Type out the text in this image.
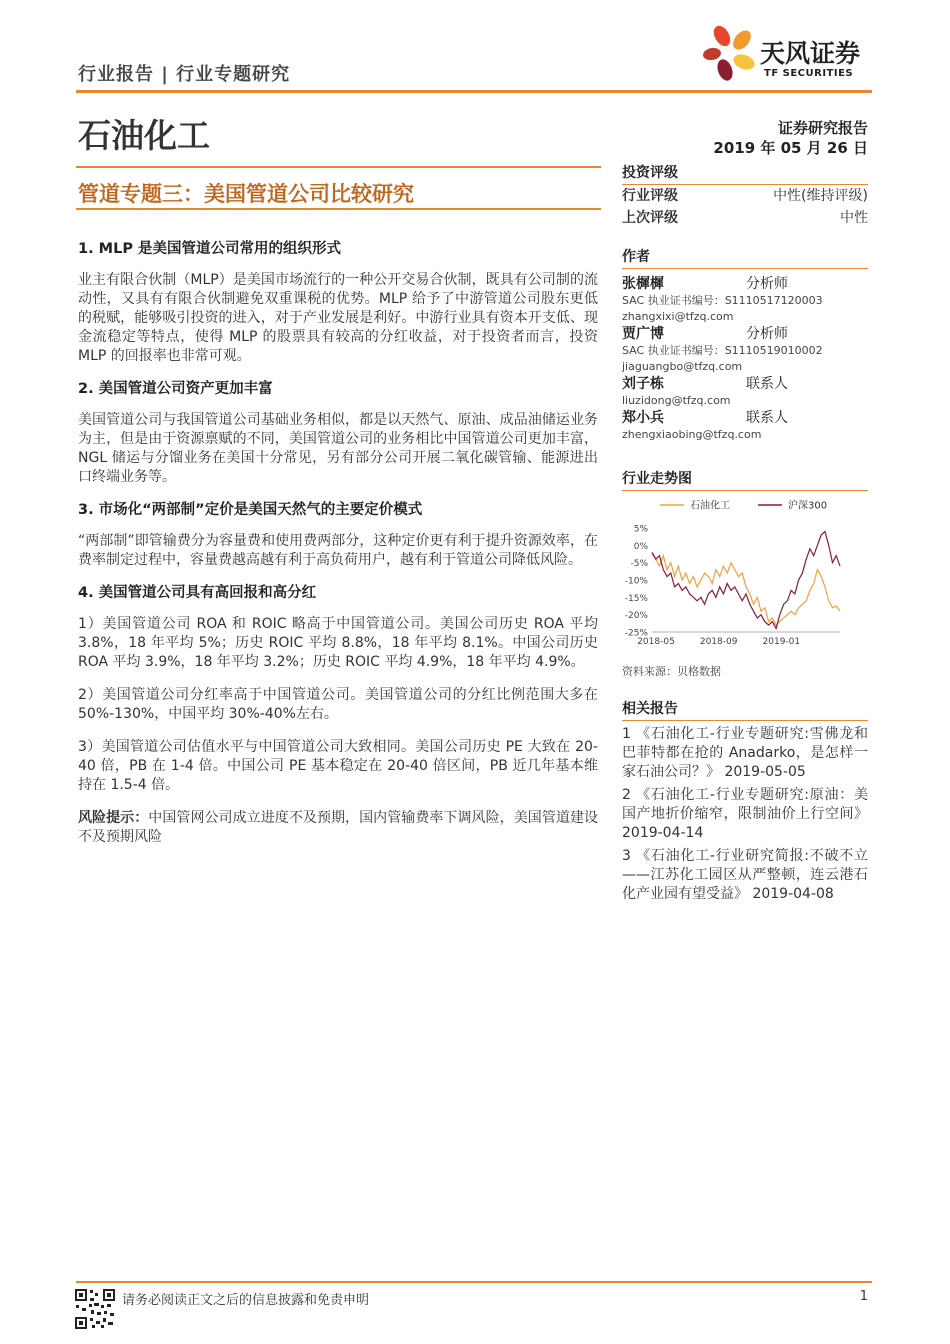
行业报告 | 行业专题研究
天风证券
TF SECURITIES
石油化工	证券研究报告
2019 年 05 月 26 日
管道专题三：美国管道公司比较研究
1. MLP 是美国管道公司常用的组织形式

业主有限合伙制（MLP）是美国市场流行的一种公开交易合伙制，既具有公司制的流动性，又具有有限合伙制避免双重课税的优势。MLP 给予了中游管道公司股东更低的税赋，能够吸引投资的进入，对于产业发展是利好。中游行业具有资本开支低、现金流稳定等特点，使得 MLP 的股票具有较高的分红收益，对于投资者而言，投资 MLP 的回报率也非常可观。

2. 美国管道公司资产更加丰富

美国管道公司与我国管道公司基础业务相似，都是以天然气、原油、成品油储运业务为主，但是由于资源禀赋的不同，美国管道公司的业务相比中国管道公司更加丰富，NGL 储运与分馏业务在美国十分常见，另有部分公司开展二氧化碳管输、能源进出口终端业务等。

3. 市场化“两部制”定价是美国天然气的主要定价模式

“两部制”即管输费分为容量费和使用费两部分，这种定价更有利于提升资源效率，在费率制定过程中，容量费越高越有利于高负荷用户，越有利于管道公司降低风险。

4. 美国管道公司具有高回报和高分红

1）美国管道公司 ROA 和 ROIC 略高于中国管道公司。美国公司历史 ROA 平均 3.8%，18 年平均 5%；历史 ROIC 平均 8.8%，18 年平均 8.1%。中国公司历史 ROA 平均 3.9%，18 年平均 3.2%；历史 ROIC 平均 4.9%，18 年平均 4.9%。

2）美国管道公司分红率高于中国管道公司。美国管道公司的分红比例范围大多在 50%-130%，中国平均 30%-40%左右。

3）美国管道公司估值水平与中国管道公司大致相同。美国公司历史 PE 大致在 20-40 倍，PB 在 1-4 倍。中国公司 PE 基本稳定在 20-40 倍区间，PB 近几年基本维持在 1.5-4 倍。

风险提示：中国管网公司成立进度不及预期，国内管输费率下调风险，美国管道建设不及预期风险

投资评级
行业评级	中性(维持评级)
上次评级	中性
作者
张樨樨	分析师
SAC 执业证书编号：S1110517120003
zhangxixi@tfzq.com
贾广博	分析师
SAC 执业证书编号：S1110519010002
jiaguangbo@tfzq.com
刘子栋	联系人
liuzidong@tfzq.com
郑小兵	联系人
zhengxiaobing@tfzq.com
行业走势图
石油化工	沪深300
5%
0%
-5%
-10%
-15%
-20%
-25%
2018-05	2018-09	2019-01
资料来源：贝格数据
相关报告

1 《石油化工-行业专题研究:雪佛龙和巴菲特都在抢的 Anadarko，是怎样一家石油公司？》 2019-05-05

2 《石油化工-行业专题研究:原油：美国产地折价缩窄，限制油价上行空间》 2019-04-14

3 《石油化工-行业研究简报:不破不立——江苏化工园区从严整顿，连云港石化产业园有望受益》 2019-04-08

请务必阅读正文之后的信息披露和免责申明	1
